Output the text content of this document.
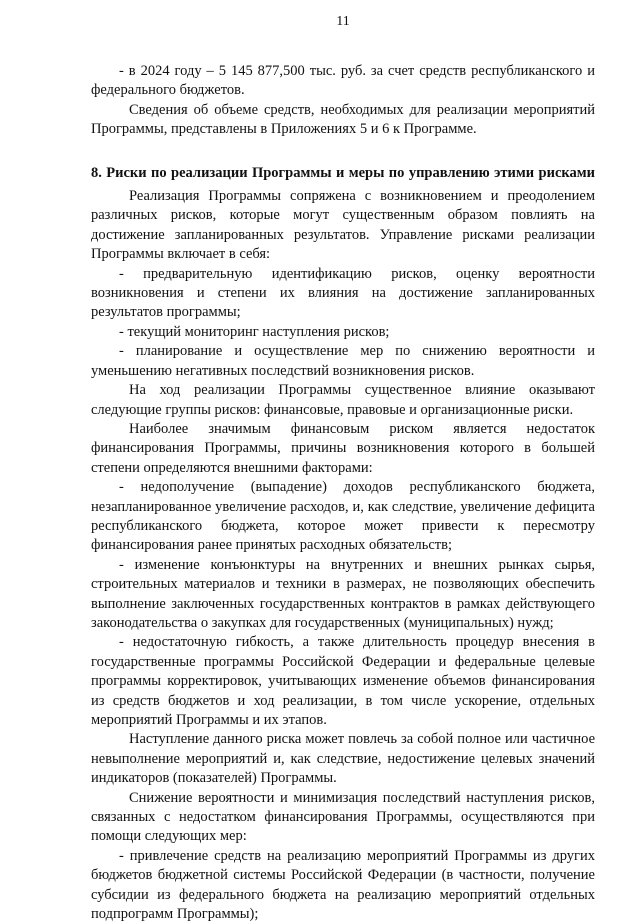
11

- в 2024 году – 5 145 877,500 тыс. руб. за счет средств республиканского и федерального бюджетов.

Сведения об объеме средств, необходимых для реализации мероприятий Программы, представлены в Приложениях 5 и 6 к Программе.

8. Риски по реализации Программы и меры по управлению этими рисками

Реализация Программы сопряжена с возникновением и преодолением различных рисков, которые могут существенным образом повлиять на достижение запланированных результатов. Управление рисками реализации Программы включает в себя:

- предварительную идентификацию рисков, оценку вероятности возникновения и степени их влияния на достижение запланированных результатов программы;

- текущий мониторинг наступления рисков;

- планирование и осуществление мер по снижению вероятности и уменьшению негативных последствий возникновения рисков.

На ход реализации Программы существенное влияние оказывают следующие группы рисков: финансовые, правовые и организационные риски.

Наиболее значимым финансовым риском является недостаток финансирования Программы, причины возникновения которого в большей степени определяются внешними факторами:

- недополучение (выпадение) доходов республиканского бюджета, незапланированное увеличение расходов, и, как следствие, увеличение дефицита республиканского бюджета, которое может привести к пересмотру финансирования ранее принятых расходных обязательств;

- изменение конъюнктуры на внутренних и внешних рынках сырья, строительных материалов и техники в размерах, не позволяющих обеспечить выполнение заключенных государственных контрактов в рамках действующего законодательства о закупках для государственных (муниципальных) нужд;

- недостаточную гибкость, а также длительность процедур внесения в государственные программы Российской Федерации и федеральные целевые программы корректировок, учитывающих изменение объемов финансирования из средств бюджетов и ход реализации, в том числе ускорение, отдельных мероприятий Программы и их этапов.

Наступление данного риска может повлечь за собой полное или частичное невыполнение мероприятий и, как следствие, недостижение целевых значений индикаторов (показателей) Программы.

Снижение вероятности и минимизация последствий наступления рисков, связанных с недостатком финансирования Программы, осуществляются при помощи следующих мер:

- привлечение средств на реализацию мероприятий Программы из других бюджетов бюджетной системы Российской Федерации (в частности, получение субсидии из федерального бюджета на реализацию мероприятий отдельных подпрограмм Программы);
